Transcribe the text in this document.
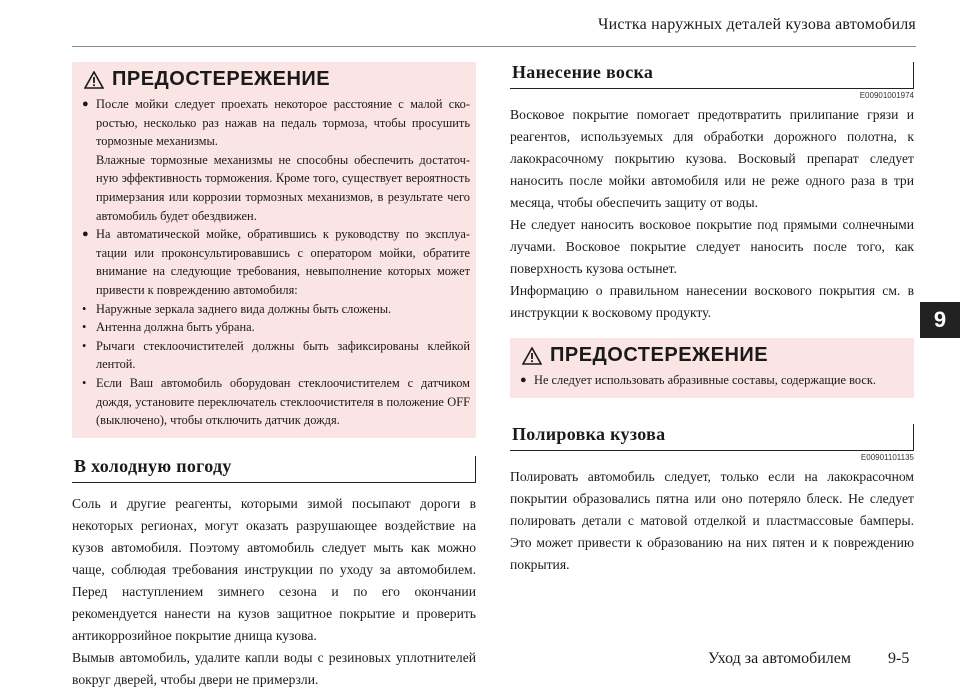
Чистка наружных деталей кузова автомобиля
9
ПРЕДОСТЕРЕЖЕНИЕ
● После мойки следует проехать некоторое расстояние с малой скоростью, несколько раз нажав на педаль тормоза, чтобы просушить тормозные механизмы.
Влажные тормозные механизмы не способны обеспечить достаточную эффективность торможения. Кроме того, существует вероятность примерзания или коррозии тормозных механизмов, в результате чего автомобиль будет обездвижен.
● На автоматической мойке, обратившись к руководству по эксплуатации или проконсультировавшись с оператором мойки, обратите внимание на следующие требования, невыполнение которых может привести к повреждению автомобиля:
• Наружные зеркала заднего вида должны быть сложены.
• Антенна должна быть убрана.
• Рычаги стеклоочистителей должны быть зафиксированы клейкой лентой.
• Если Ваш автомобиль оборудован стеклоочистителем с датчиком дождя, установите переключатель стеклоочистителя в положение OFF (выключено), чтобы отключить датчик дождя.
В холодную погоду
Соль и другие реагенты, которыми зимой посыпают дороги в некоторых регионах, могут оказать разрушающее воздействие на кузов автомобиля. Поэтому автомобиль следует мыть как можно чаще, соблюдая требования инструкции по уходу за автомобилем. Перед наступлением зимнего сезона и по его окончании рекомендуется нанести на кузов защитное покрытие и проверить антикоррозийное покрытие днища кузова.
Вымыв автомобиль, удалите капли воды с резиновых уплотнителей вокруг дверей, чтобы двери не примерзли.
Нанесение воска
E00901001974
Восковое покрытие помогает предотвратить прилипание грязи и реагентов, используемых для обработки дорожного полотна, к лакокрасочному покрытию кузова. Восковый препарат следует наносить после мойки автомобиля или не реже одного раза в три месяца, чтобы обеспечить защиту от воды.
Не следует наносить восковое покрытие под прямыми солнечными лучами. Восковое покрытие следует наносить после того, как поверхность кузова остынет.
Информацию о правильном нанесении воскового покрытия см. в инструкции к восковому продукту.
ПРЕДОСТЕРЕЖЕНИЕ
● Не следует использовать абразивные составы, содержащие воск.
Полировка кузова
E00901101135
Полировать автомобиль следует, только если на лакокрасочном покрытии образовались пятна или оно потеряло блеск. Не следует полировать детали с матовой отделкой и пластмассовые бамперы. Это может привести к образованию на них пятен и к повреждению покрытия.
Уход за автомобилем 9-5
